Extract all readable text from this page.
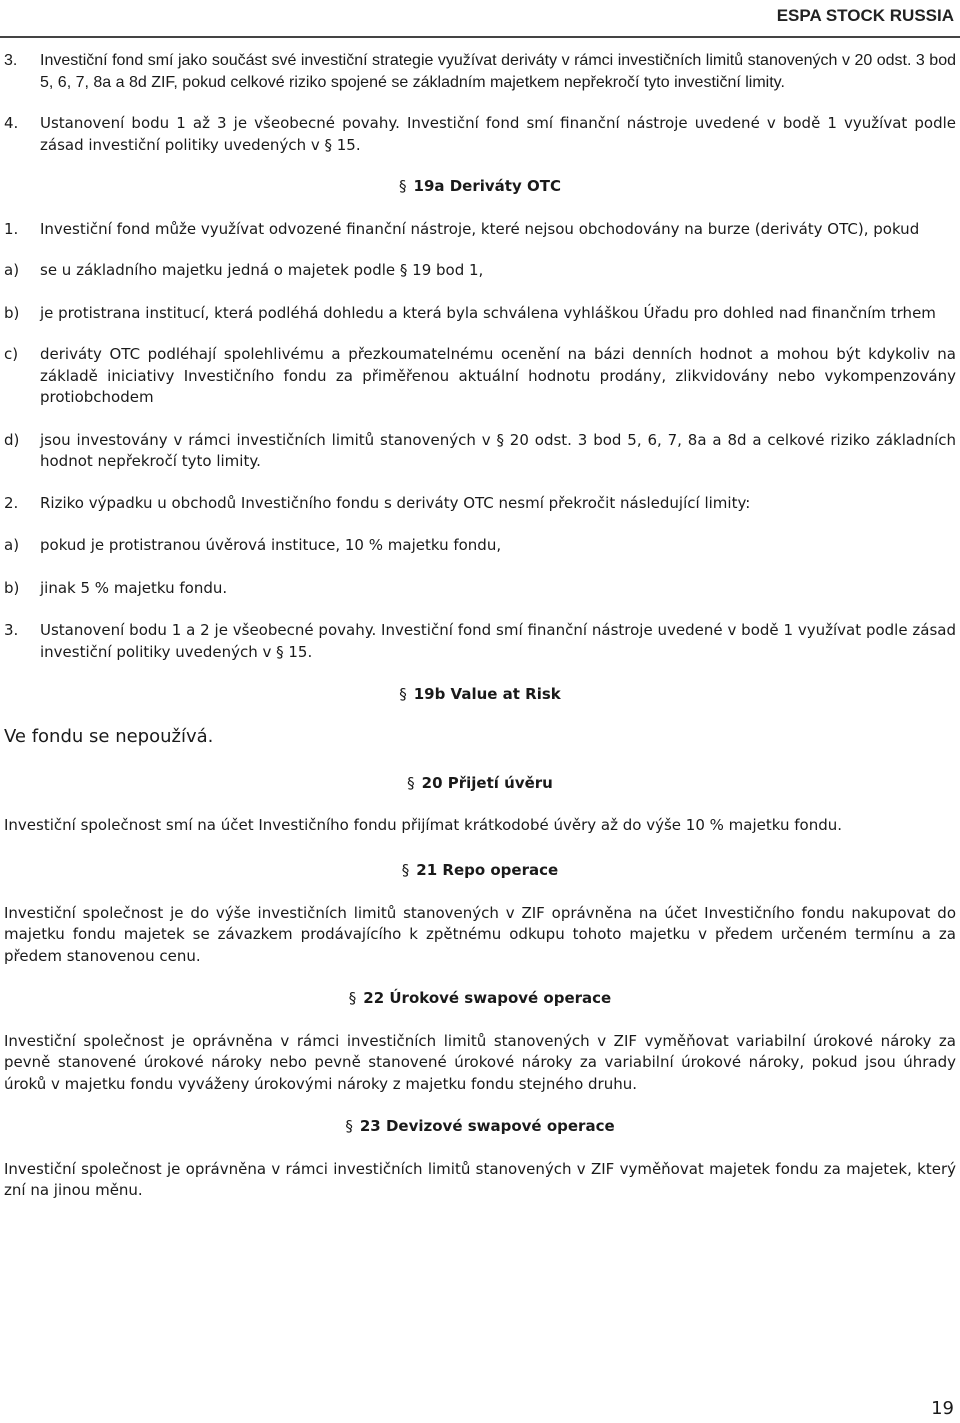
ESPA STOCK RUSSIA
3.	Investiční fond smí jako součást své investiční strategie využívat deriváty v rámci investičních limitů stanovených v 20 odst. 3 bod 5, 6, 7, 8a a 8d ZIF, pokud celkové riziko spojené se základním majetkem nepřekročí tyto investiční limity.
4.	Ustanovení bodu 1 až 3 je všeobecné povahy. Investiční fond smí finanční nástroje uvedené v bodě 1 využívat podle zásad investiční politiky uvedených v § 15.

§ 19a Deriváty OTC

1.	Investiční fond může využívat odvozené finanční nástroje, které nejsou obchodovány na burze (deriváty OTC), pokud
a)	se u základního majetku jedná o majetek podle § 19 bod 1,
b)	je protistrana institucí, která podléhá dohledu a která byla schválena vyhláškou Úřadu pro dohled nad finančním trhem
c)	deriváty OTC podléhají spolehlivému a přezkoumatelnému ocenění na bázi denních hodnot a mohou být kdykoliv na základě iniciativy Investičního fondu za přiměřenou aktuální hodnotu prodány, zlikvidovány nebo vykompenzovány protiobchodem
d)	jsou investovány v rámci investičních limitů stanovených v § 20 odst. 3 bod 5, 6, 7, 8a a 8d a celkové riziko základních hodnot nepřekročí tyto limity.
2.	Riziko výpadku u obchodů Investičního fondu s deriváty OTC nesmí překročit následující limity:
a)	pokud je protistranou úvěrová instituce, 10 % majetku fondu,
b)	jinak 5 % majetku fondu.
3.	Ustanovení bodu 1 a 2 je všeobecné povahy. Investiční fond smí finanční nástroje uvedené v bodě 1 využívat podle zásad investiční politiky uvedených v § 15.

§ 19b Value at Risk

Ve fondu se nepoužívá.

§ 20 Přijetí úvěru

Investiční společnost smí na účet Investičního fondu přijímat krátkodobé úvěry až do výše 10 % majetku fondu.

§ 21 Repo operace

Investiční společnost je do výše investičních limitů stanovených v ZIF oprávněna na účet Investičního fondu nakupovat do majetku fondu majetek se závazkem prodávajícího k zpětnému odkupu tohoto majetku v předem určeném termínu a za předem stanovenou cenu.

§ 22 Úrokové swapové operace

Investiční společnost je oprávněna v rámci investičních limitů stanovených v ZIF vyměňovat variabilní úrokové nároky za pevně stanovené úrokové nároky nebo pevně stanovené úrokové nároky za variabilní úrokové nároky, pokud jsou úhrady úroků v majetku fondu vyváženy úrokovými nároky z majetku fondu stejného druhu.

§ 23 Devizové swapové operace

Investiční společnost je oprávněna v rámci investičních limitů stanovených v ZIF vyměňovat majetek fondu za majetek, který zní na jinou měnu.

19
